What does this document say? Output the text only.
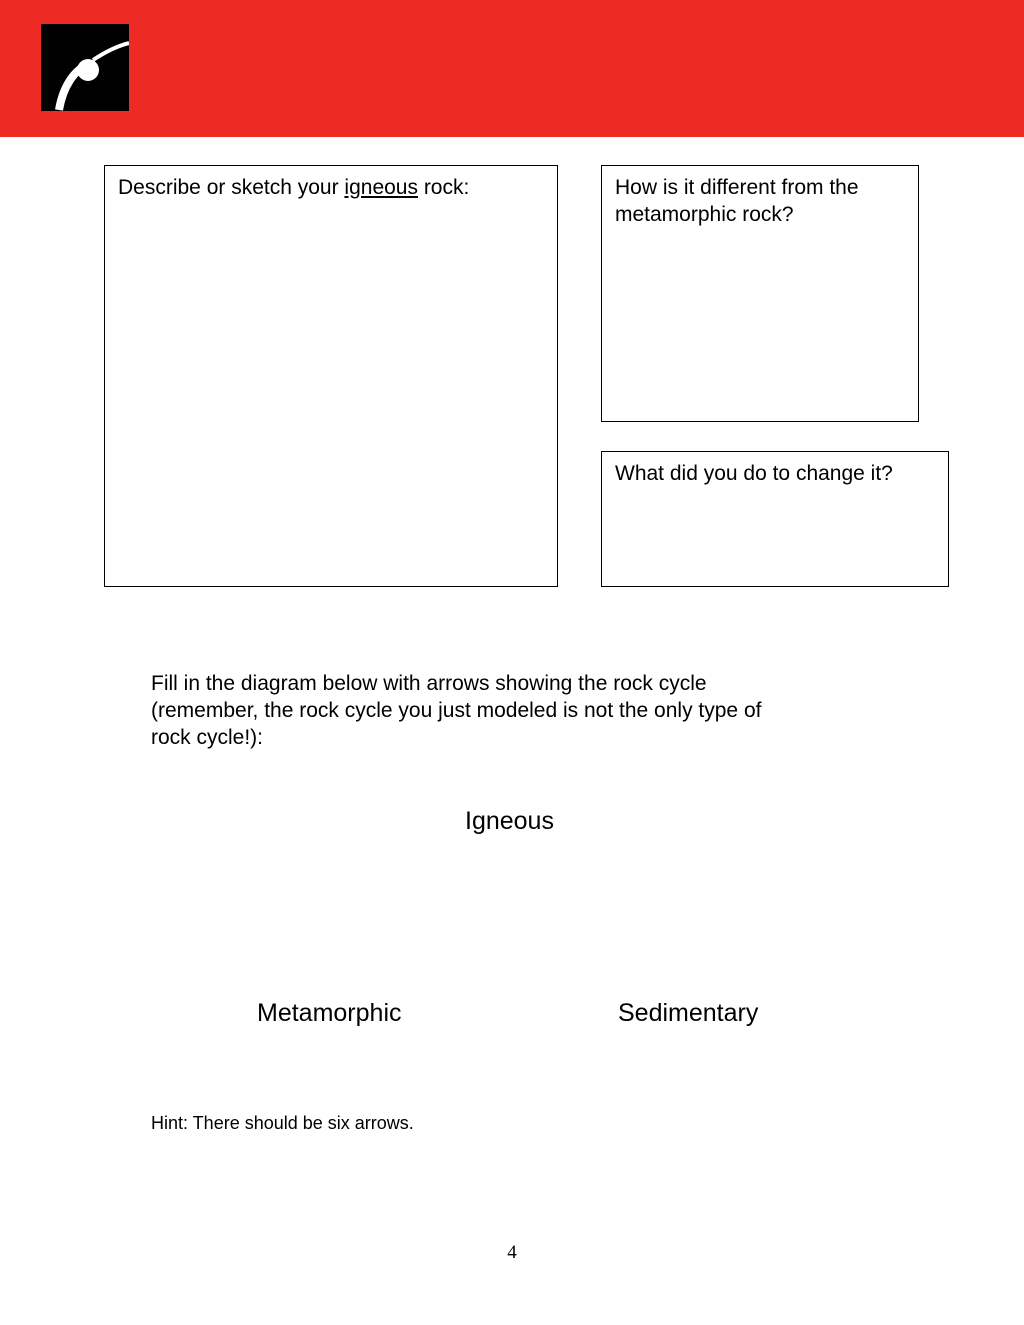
Describe or sketch your igneous rock:	How is it different from the metamorphic rock?
What did you do to change it?
Fill in the diagram below with arrows showing the rock cycle
(remember, the rock cycle you just modeled is not the only type of
rock cycle!):
Igneous
Metamorphic	Sedimentary
Hint: There should be six arrows.
4
